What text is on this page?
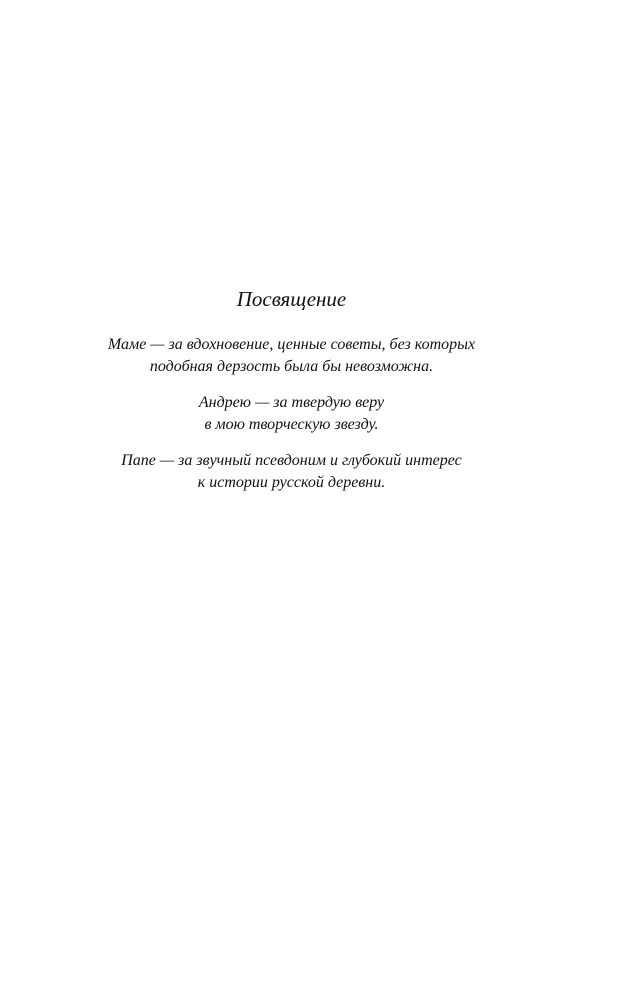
Посвящение
Маме — за вдохновение, ценные советы, без которых
подобная дерзость была бы невозможна.
Андрею — за твердую веру
в мою творческую звезду.
Папе — за звучный псевдоним и глубокий интерес
к истории русской деревни.
